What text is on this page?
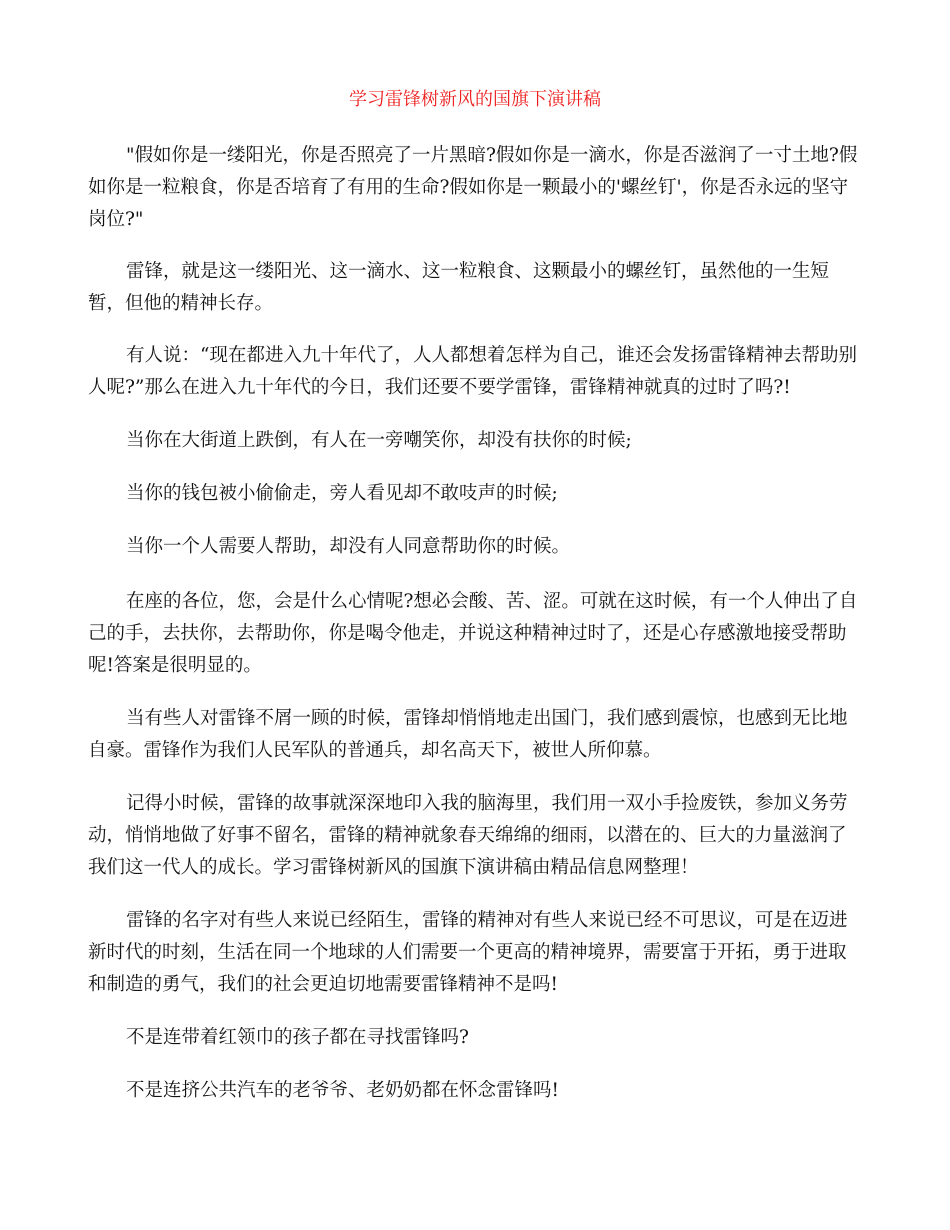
学习雷锋树新风的国旗下演讲稿

"假如你是一缕阳光，你是否照亮了一片黑暗?假如你是一滴水，你是否滋润了一寸土地?假如你是一粒粮食，你是否培育了有用的生命?假如你是一颗最小的'螺丝钉'，你是否永远的坚守岗位?"

雷锋，就是这一缕阳光、这一滴水、这一粒粮食、这颗最小的螺丝钉，虽然他的一生短暂，但他的精神长存。

有人说：“现在都进入九十年代了，人人都想着怎样为自己，谁还会发扬雷锋精神去帮助别人呢?”那么在进入九十年代的今日，我们还要不要学雷锋，雷锋精神就真的过时了吗?!

当你在大街道上跌倒，有人在一旁嘲笑你，却没有扶你的时候;

当你的钱包被小偷偷走，旁人看见却不敢吱声的时候;

当你一个人需要人帮助，却没有人同意帮助你的时候。

在座的各位，您，会是什么心情呢?想必会酸、苦、涩。可就在这时候，有一个人伸出了自己的手，去扶你，去帮助你，你是喝令他走，并说这种精神过时了，还是心存感激地接受帮助呢!答案是很明显的。

当有些人对雷锋不屑一顾的时候，雷锋却悄悄地走出国门，我们感到震惊，也感到无比地自豪。雷锋作为我们人民军队的普通兵，却名高天下，被世人所仰慕。

记得小时候，雷锋的故事就深深地印入我的脑海里，我们用一双小手捡废铁，参加义务劳动，悄悄地做了好事不留名，雷锋的精神就象春天绵绵的细雨，以潜在的、巨大的力量滋润了我们这一代人的成长。学习雷锋树新风的国旗下演讲稿由精品信息网整理！

雷锋的名字对有些人来说已经陌生，雷锋的精神对有些人来说已经不可思议，可是在迈进新时代的时刻，生活在同一个地球的人们需要一个更高的精神境界，需要富于开拓，勇于进取和制造的勇气，我们的社会更迫切地需要雷锋精神不是吗!

不是连带着红领巾的孩子都在寻找雷锋吗?

不是连挤公共汽车的老爷爷、老奶奶都在怀念雷锋吗!
